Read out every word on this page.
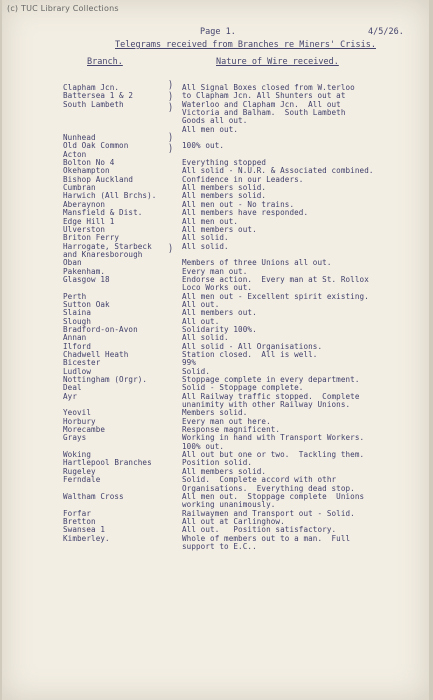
(c) TUC Library Collections
Page 1.	4/5/26.
Telegrams received from Branches re Miners' Crisis.
Branch.	Nature of Wire received.
)
)
)
)
)
)
Clapham Jcn.
Battersea 1 & 2
South Lambeth
Nunhead
Old Oak Common
Acton
Bolton No 4
Okehampton
Bishop Auckland
Cumbran
Harwich (All Brchs).
Aberaynon
Mansfield & Dist.
Edge Hill 1
Ulverston
Briton Ferry
Harrogate, Starbeck
and Knaresborough
Oban
Pakenham.
Glasgow 18
Perth
Sutton Oak
Slaina
Slough
Bradford-on-Avon
Annan
Ilford
Chadwell Heath
Bicester
Ludlow
Nottingham (Orgr).
Deal
Ayr
Yeovil
Horbury
Morecambe
Grays
Woking
Hartlepool Branches
Rugeley
Ferndale
Waltham Cross
Forfar
Bretton
Swansea 1
Kimberley.
All Signal Boxes closed from W.terloo
to Clapham Jcn. All Shunters out at
Waterloo and Clapham Jcn.  All out
Victoria and Balham.  South Lambeth
Goods all out.
All men out.
100% out.
Everything stopped
All solid - N.U.R. & Associated combined.
Confidence in our Leaders.
All members solid.
All members solid.
All men out - No trains.
All members have responded.
All men out.
All members out.
All solid.
All solid.
Members of three Unions all out.
Every man out.
Endorse action.  Every man at St. Rollox
Loco Works out.
All men out - Excellent spirit existing.
All out.
All members out.
All out.
Solidarity 100%.
All solid.
All solid - All Organisations.
Station closed.  All is well.
99%
Solid.
Stoppage complete in every department.
Solid - Stoppage complete.
All Railway traffic stopped.  Complete
unanimity with other Railway Unions.
Members solid.
Every man out here.
Response magnificent.
Working in hand with Transport Workers.
100% out.
All out but one or two.  Tackling them.
Position solid.
All members solid.
Solid.  Complete accord with othr
Organisations.  Everything dead stop.
All men out.  Stoppage complete  Unions
working unanimously.
Railwaymen and Transport out - Solid.
All out at Carlinghow.
All out.   Position satisfactory.
Whole of members out to a man.  Full
support to E.C..
